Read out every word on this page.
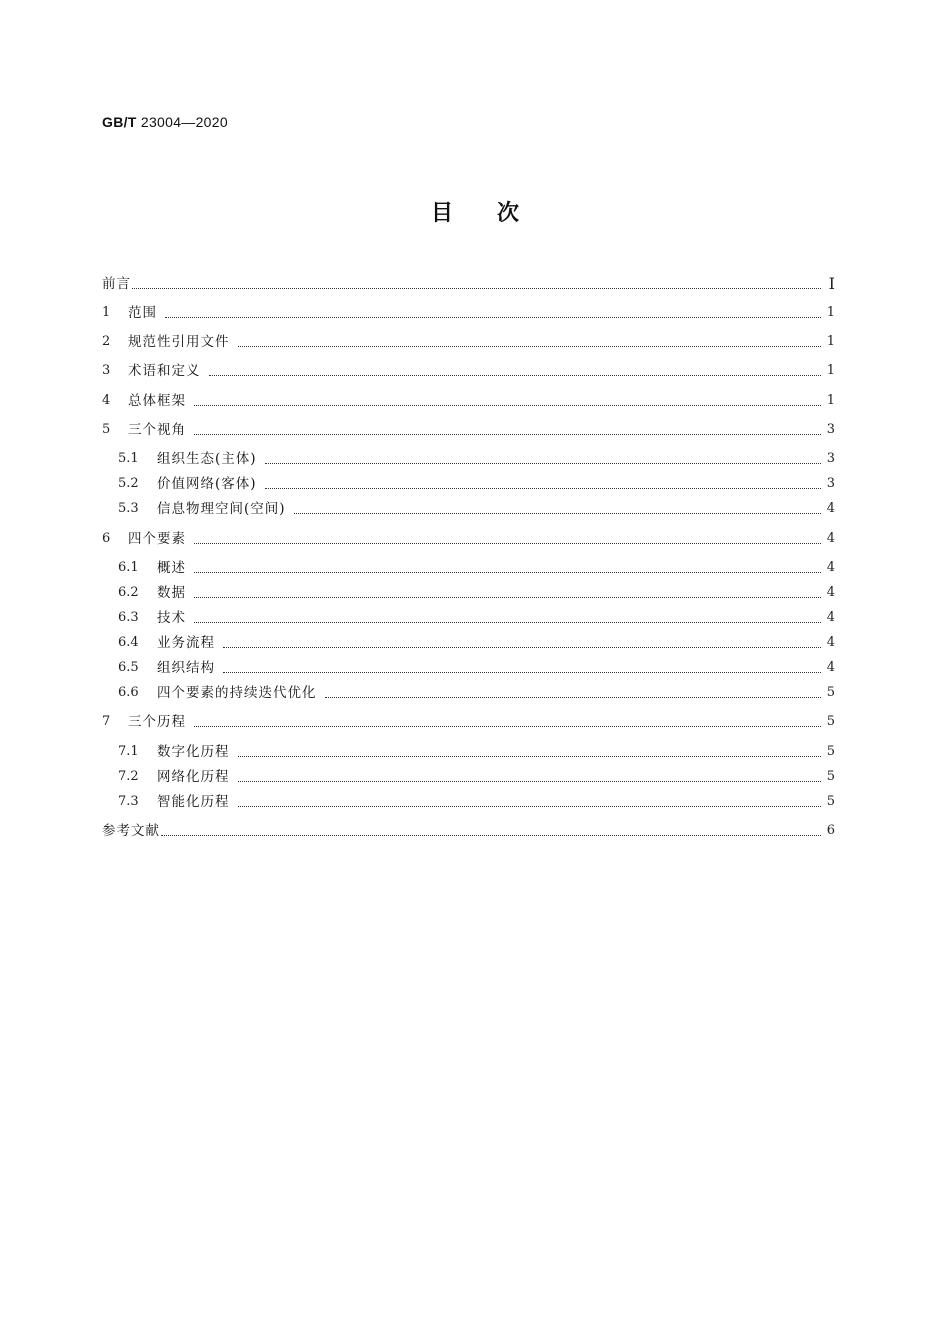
GB/T 23004—2020
目次
前言	Ⅰ
1	范围	1
2	规范性引用文件	1
3	术语和定义	1
4	总体框架	1
5	三个视角	3
5.1	组织生态(主体)	3
5.2	价值网络(客体)	3
5.3	信息物理空间(空间)	4
6	四个要素	4
6.1	概述	4
6.2	数据	4
6.3	技术	4
6.4	业务流程	4
6.5	组织结构	4
6.6	四个要素的持续迭代优化	5
7	三个历程	5
7.1	数字化历程	5
7.2	网络化历程	5
7.3	智能化历程	5
参考文献	6
